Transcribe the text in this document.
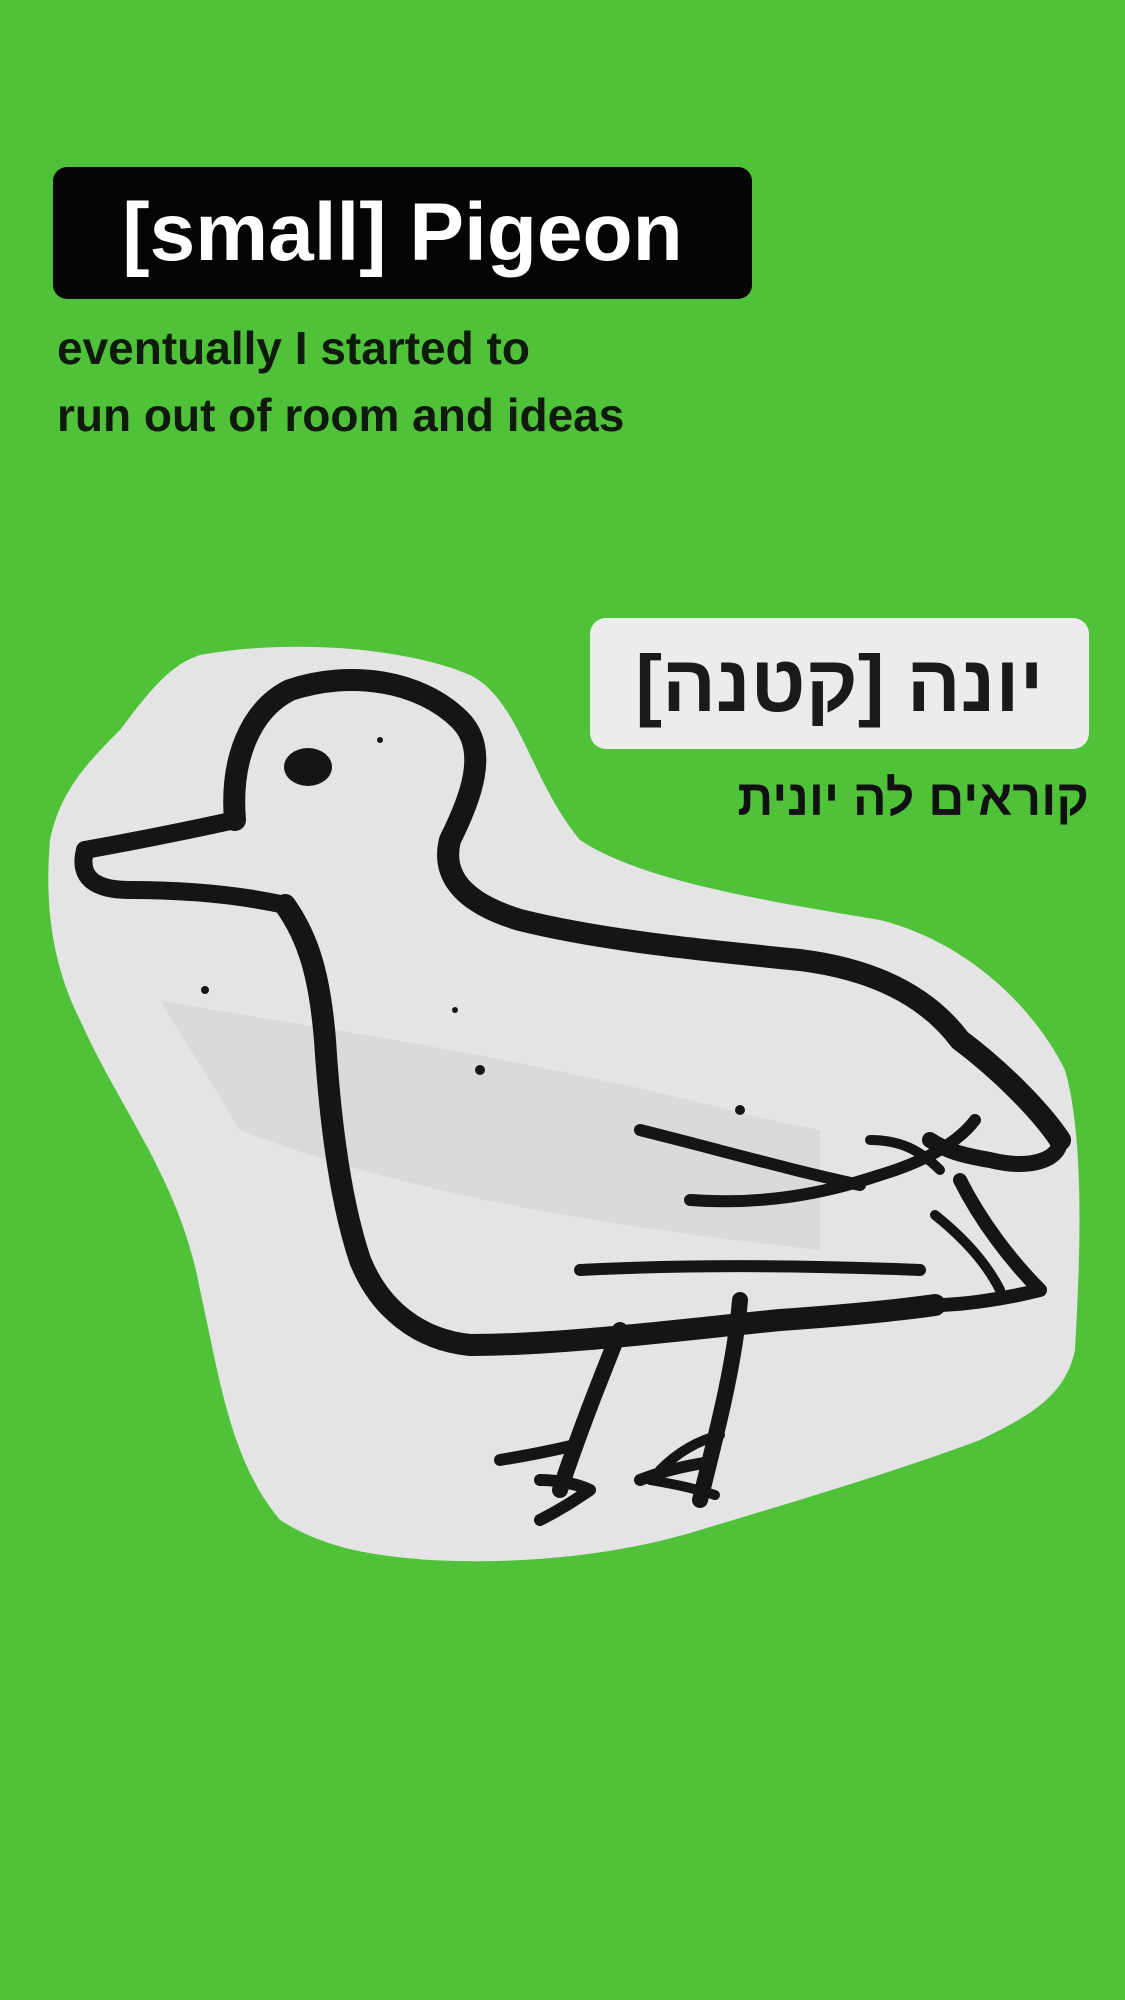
[small] Pigeon
eventually I started to
run out of room and ideas
יונה [קטנה]
קוראים לה יונית
